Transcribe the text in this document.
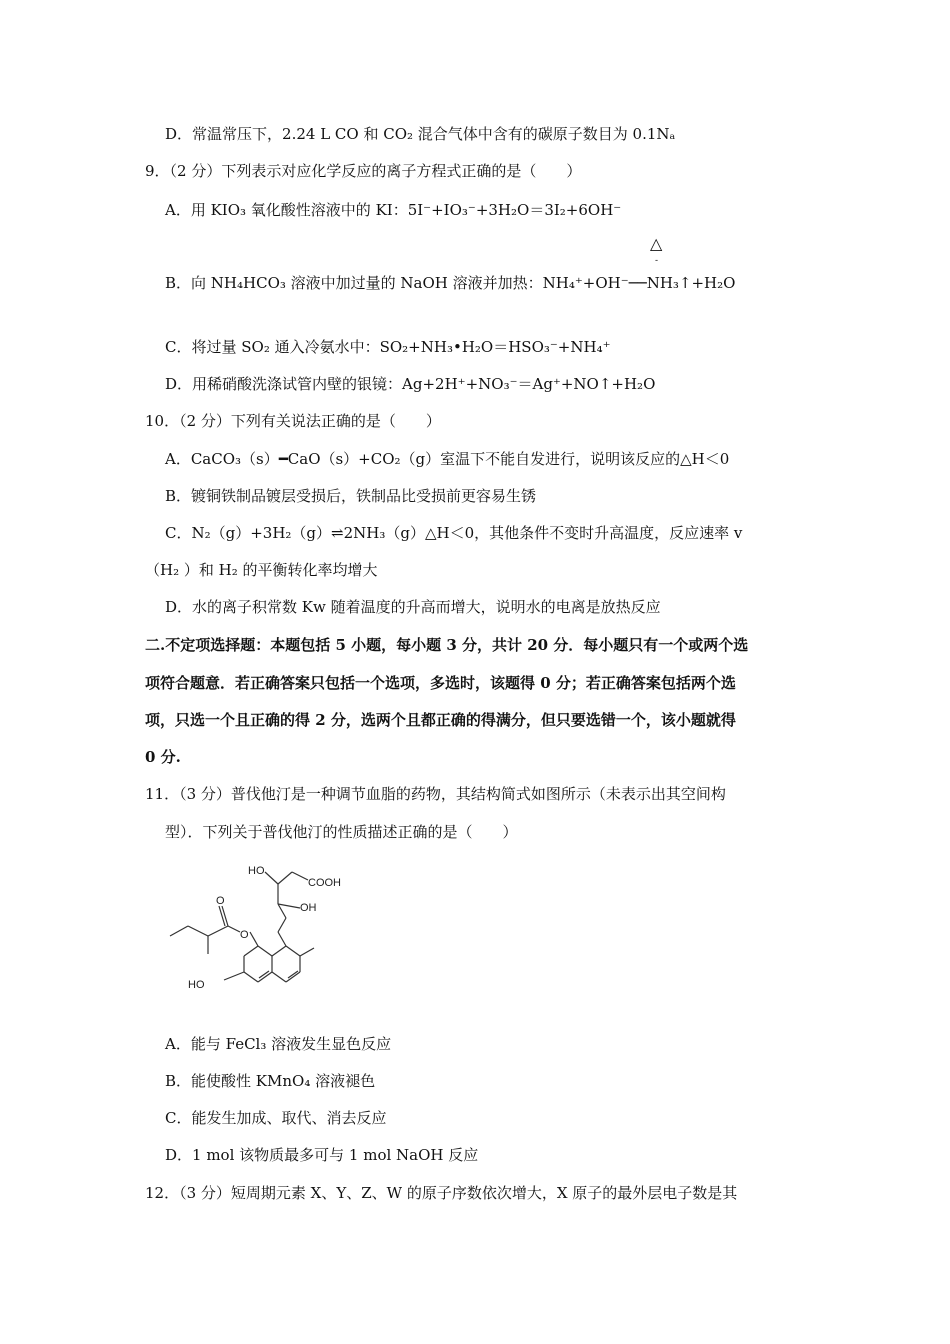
D．常温常压下，2.24 L CO 和 CO₂ 混合气体中含有的碳原子数目为 0.1Nₐ
9．（2 分）下列表示对应化学反应的离子方程式正确的是（　　）
A．用 KIO₃ 氧化酸性溶液中的 KI：5I⁻+IO₃⁻+3H₂O＝3I₂+6OH⁻
△
-
B．向 NH₄HCO₃ 溶液中加过量的 NaOH 溶液并加热：NH₄⁺+OH⁻──NH₃↑+H₂O
C．将过量 SO₂ 通入冷氨水中：SO₂+NH₃•H₂O＝HSO₃⁻+NH₄⁺
D．用稀硝酸洗涤试管内壁的银镜：Ag+2H⁺+NO₃⁻＝Ag⁺+NO↑+H₂O
10．（2 分）下列有关说法正确的是（　　）
A．CaCO₃（s）━CaO（s）+CO₂（g）室温下不能自发进行，说明该反应的△H＜0
B．镀铜铁制品镀层受损后，铁制品比受损前更容易生锈
C．N₂（g）+3H₂（g）⇌2NH₃（g）△H＜0，其他条件不变时升高温度，反应速率 v
（H₂ ）和 H₂ 的平衡转化率均增大
D．水的离子积常数 Kw 随着温度的升高而增大，说明水的电离是放热反应
二.不定项选择题：本题包括 5 小题，每小题 3 分，共计 20 分．每小题只有一个或两个选
项符合题意．若正确答案只包括一个选项，多选时，该题得 0 分；若正确答案包括两个选
项，只选一个且正确的得 2 分，选两个且都正确的得满分，但只要选错一个，该小题就得
0 分.
11．（3 分）普伐他汀是一种调节血脂的药物，其结构简式如图所示（未表示出其空间构
型）．下列关于普伐他汀的性质描述正确的是（　　）
HO
COOH
OH
O
O
HO
A．能与 FeCl₃ 溶液发生显色反应
B．能使酸性 KMnO₄ 溶液褪色
C．能发生加成、取代、消去反应
D．1 mol 该物质最多可与 1 mol NaOH 反应
12．（3 分）短周期元素 X、Y、Z、W 的原子序数依次增大，X 原子的最外层电子数是其
